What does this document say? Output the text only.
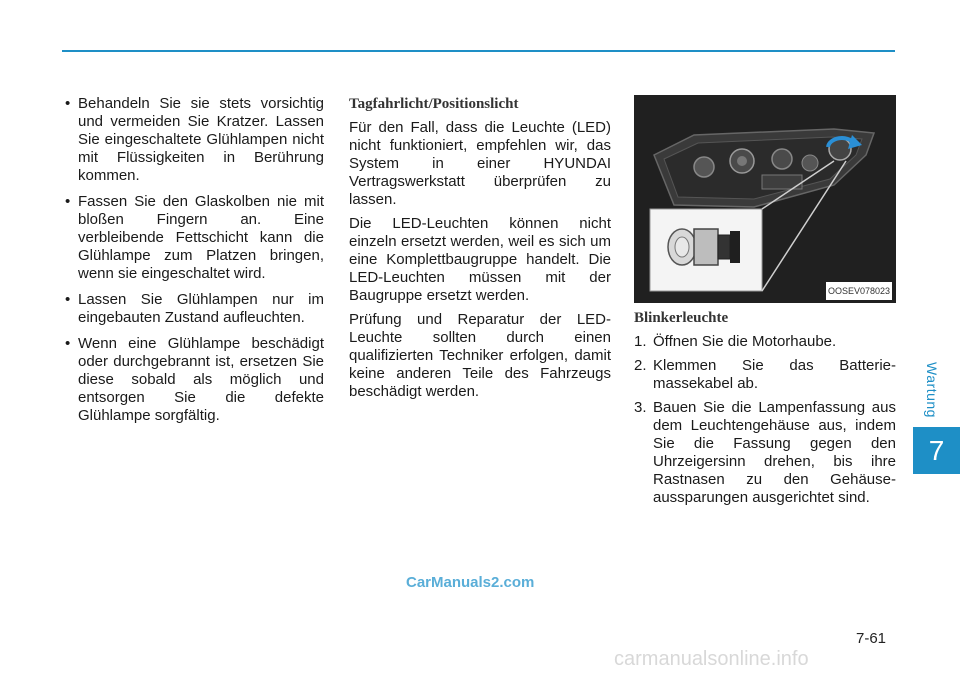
Wartung
7
• Behandeln Sie sie stets vorsichtig und vermeiden Sie Kratzer. Lassen Sie eingeschaltete Glühlampen nicht mit Flüssigkeiten in Berührung kommen.
• Fassen Sie den Glaskolben nie mit bloßen Fingern an. Eine verbleibende Fettschicht kann die Glühlampe zum Platzen bringen, wenn sie eingeschaltet wird.
• Lassen Sie Glühlampen nur im eingebauten Zustand aufleuchten.
• Wenn eine Glühlampe beschädigt oder durchgebrannt ist, ersetzen Sie diese sobald als möglich und entsorgen Sie die defekte Glühlampe sorgfältig.
Tagfahrlicht/Positionslicht

Für den Fall, dass die Leuchte (LED) nicht funktioniert, empfehlen wir, das System in einer HYUNDAI Vertragswerkstatt überprüfen zu lassen.

Die LED-Leuchten können nicht einzeln ersetzt werden, weil es sich um eine Komplettbaugruppe handelt. Die LED-Leuchten müssen mit der Baugruppe ersetzt werden.

Prüfung und Reparatur der LED-Leuchte sollten durch einen qualifizierten Techniker erfolgen, damit keine anderen Teile des Fahrzeugs beschädigt werden.

OOSEV078023
Blinkerleuchte
1. Öffnen Sie die Motorhaube.
2. Klemmen Sie das Batterie-massekabel ab.
3. Bauen Sie die Lampenfassung aus dem Leuchtengehäuse aus, indem Sie die Fassung gegen den Uhrzeigersinn drehen, bis ihre Rastnasen zu den Gehäuse-aussparungen ausgerichtet sind.
CarManuals2.com
7-61
carmanualsonline.info
